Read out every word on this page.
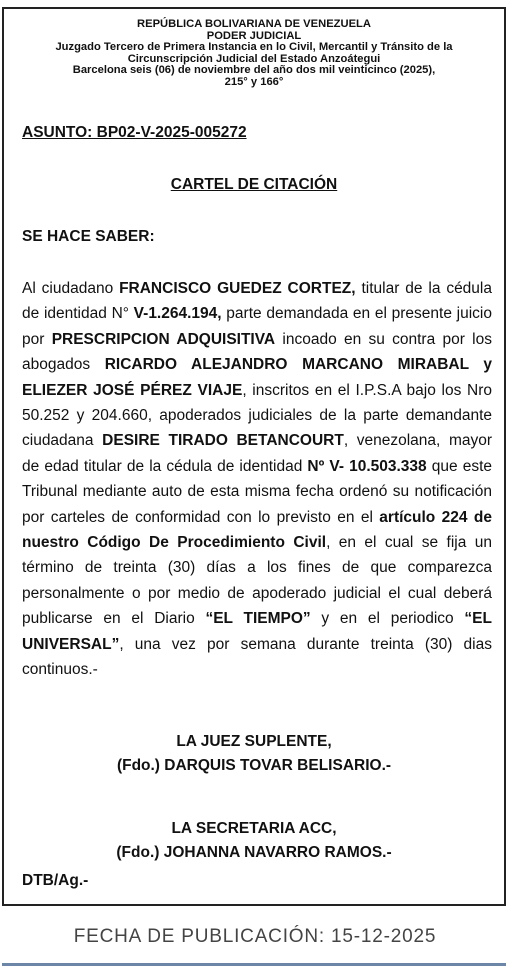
REPÚBLICA BOLIVARIANA DE VENEZUELA
PODER JUDICIAL
Juzgado Tercero de Primera Instancia en lo Civil, Mercantil y Tránsito de la
Circunscripción Judicial del Estado Anzoátegui
Barcelona seis (06) de noviembre del año dos mil veinticinco (2025),
215° y 166°
ASUNTO: BP02-V-2025-005272
CARTEL DE CITACIÓN
SE HACE SABER:

Al ciudadano FRANCISCO GUEDEZ CORTEZ, titular de la cédula de identidad N° V-1.264.194, parte demandada en el presente juicio por PRESCRIPCION ADQUISITIVA incoado en su contra por los abogados RICARDO ALEJANDRO MARCANO MIRABAL y ELIEZER JOSÉ PÉREZ VIAJE, inscritos en el I.P.S.A bajo los Nro 50.252 y 204.660, apoderados judiciales de la parte demandante ciudadana DESIRE TIRADO BETANCOURT, venezolana, mayor de edad titular de la cédula de identidad Nº V- 10.503.338 que este Tribunal mediante auto de esta misma fecha ordenó su notificación por carteles de conformidad con lo previsto en el artículo 224 de nuestro Código De Procedimiento Civil, en el cual se fija un término de treinta (30) días a los fines de que comparezca personalmente o por medio de apoderado judicial el cual deberá publicarse en el Diario “EL TIEMPO” y en el periodico “EL UNIVERSAL”, una vez por semana durante treinta (30) dias continuos.-

LA JUEZ SUPLENTE,
(Fdo.) DARQUIS TOVAR BELISARIO.-
LA SECRETARIA ACC,
(Fdo.) JOHANNA NAVARRO RAMOS.-
DTB/Ag.-
FECHA DE PUBLICACIÓN: 15-12-2025
